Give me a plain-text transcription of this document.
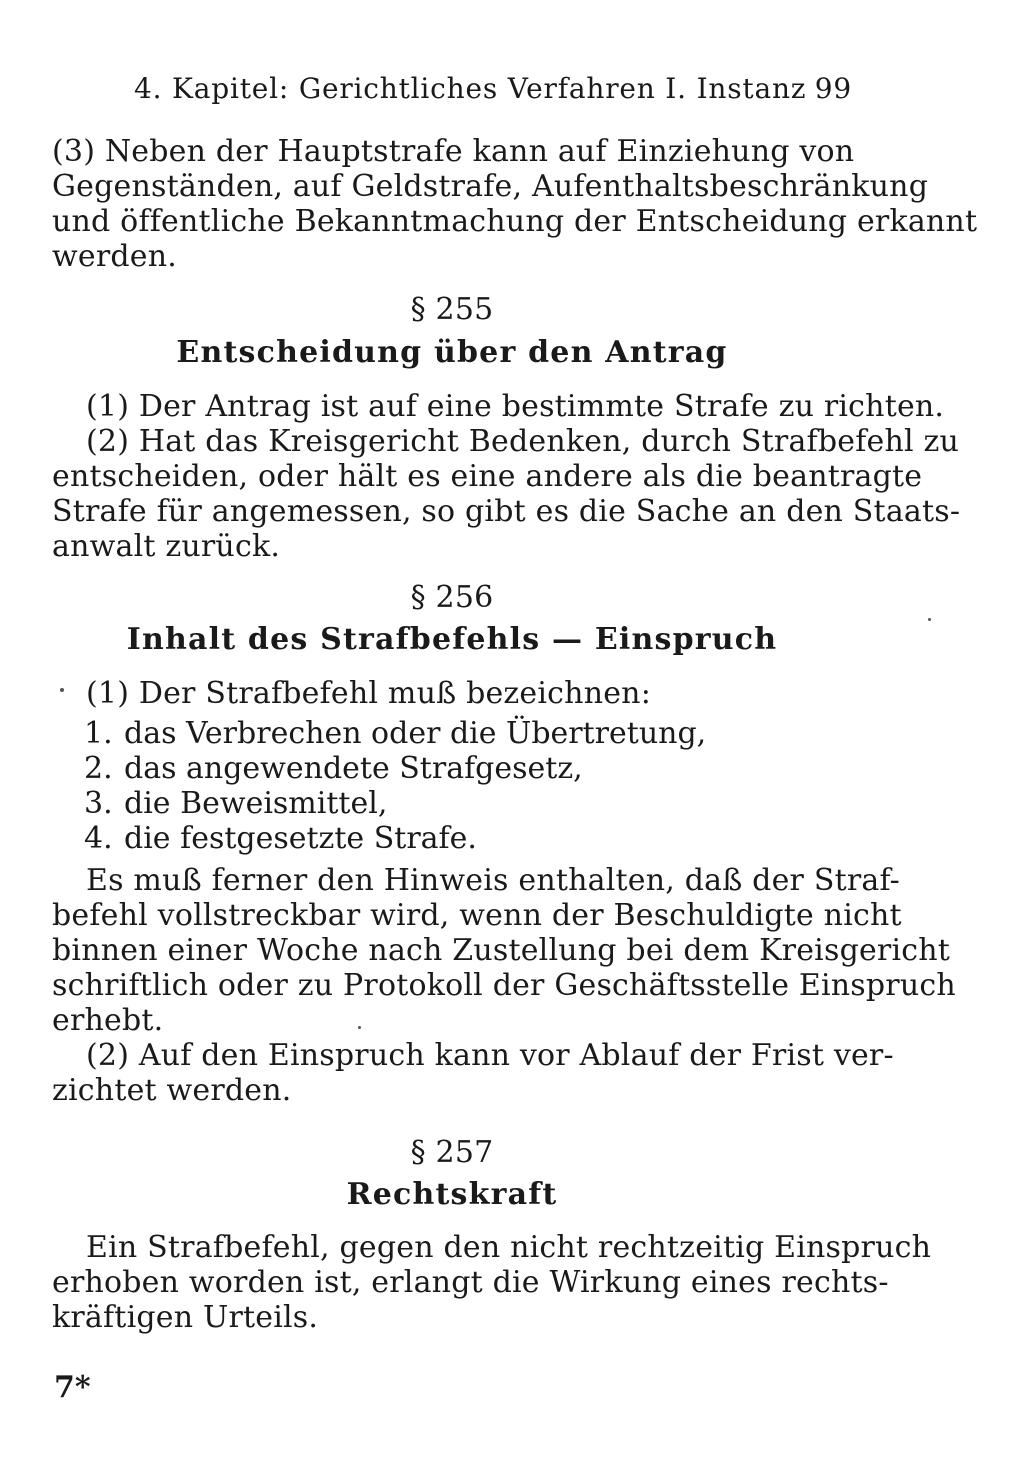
4. Kapitel: Gerichtliches Verfahren I. Instanz 99
(3) Neben der Hauptstrafe kann auf Einziehung von
Gegenständen, auf Geldstrafe, Aufenthaltsbeschränkung
und öffentliche Bekanntmachung der Entscheidung erkannt
werden.
§ 255
Entscheidung über den Antrag
(1) Der Antrag ist auf eine bestimmte Strafe zu richten.
(2) Hat das Kreisgericht Bedenken, durch Strafbefehl zu
entscheiden, oder hält es eine andere als die beantragte
Strafe für angemessen, so gibt es die Sache an den Staats-
anwalt zurück.
§ 256
Inhalt des Strafbefehls — Einspruch
(1) Der Strafbefehl muß bezeichnen:
1. das Verbrechen oder die Übertretung,
2. das angewendete Strafgesetz,
3. die Beweismittel,
4. die festgesetzte Strafe.
Es muß ferner den Hinweis enthalten, daß der Straf-
befehl vollstreckbar wird, wenn der Beschuldigte nicht
binnen einer Woche nach Zustellung bei dem Kreisgericht
schriftlich oder zu Protokoll der Geschäftsstelle Einspruch
erhebt.
(2) Auf den Einspruch kann vor Ablauf der Frist ver-
zichtet werden.
§ 257
Rechtskraft
Ein Strafbefehl, gegen den nicht rechtzeitig Einspruch
erhoben worden ist, erlangt die Wirkung eines rechts-
kräftigen Urteils.
7*
